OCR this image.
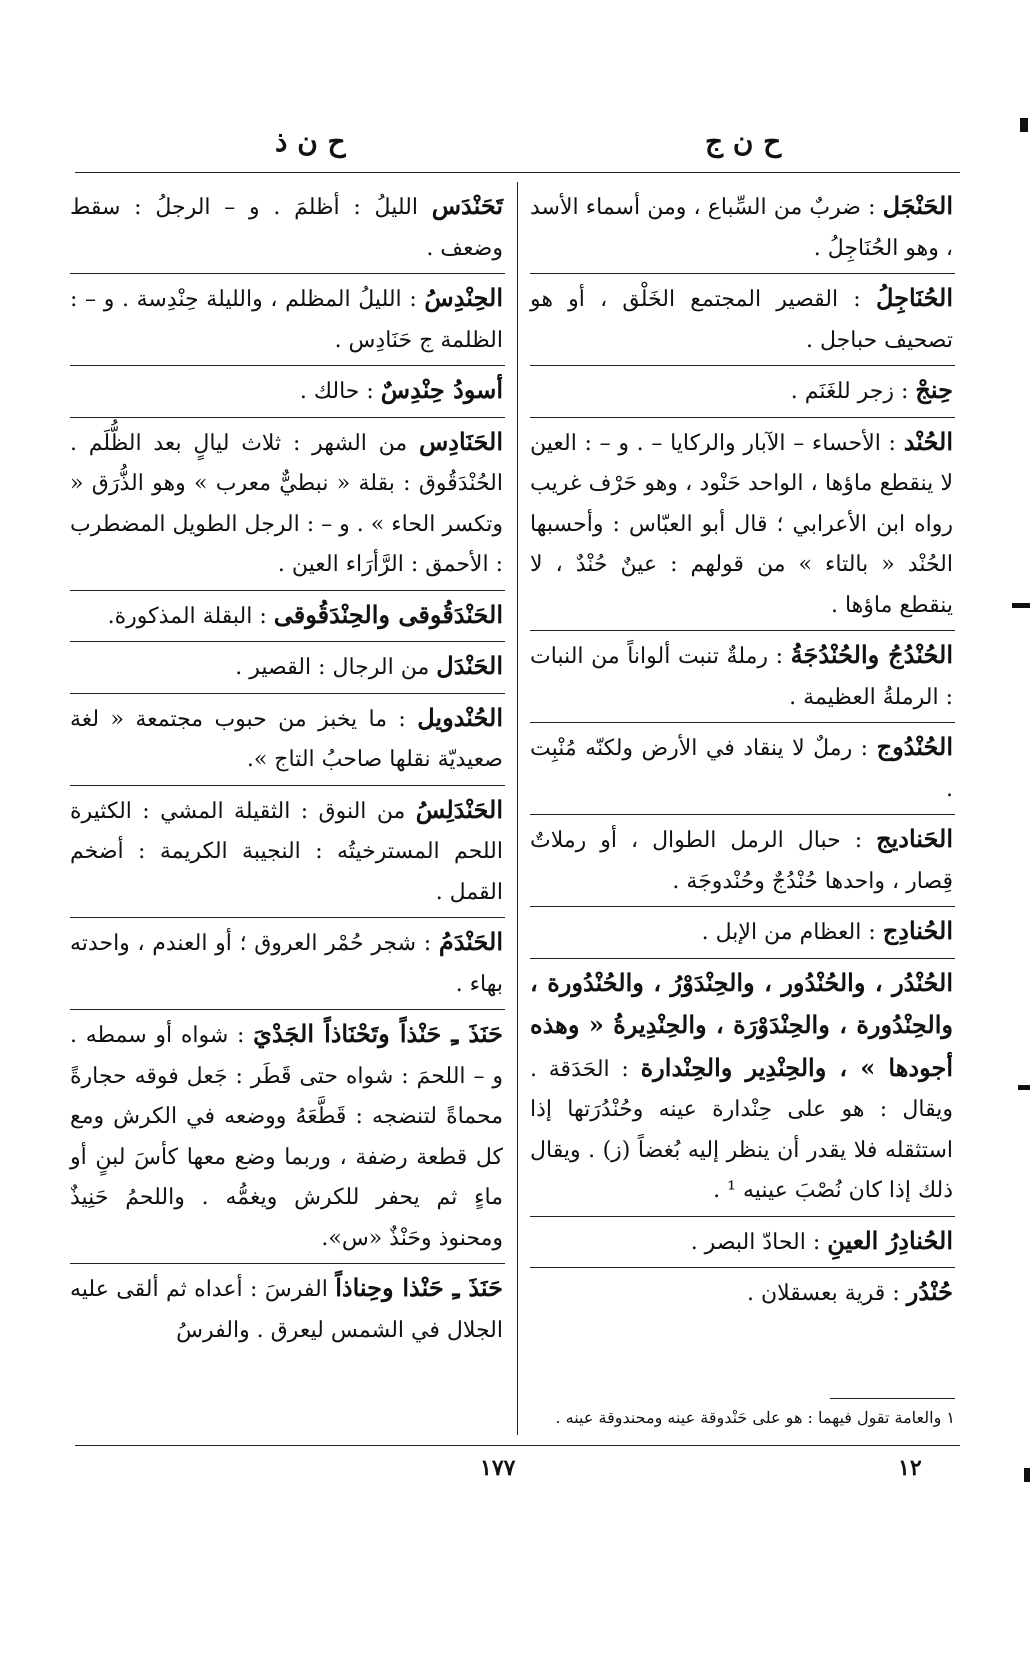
ح ن ج
ح ن ذ

الحَنْجَل : ضربٌ من السِّباع ، ومن أسماء الأسد ، وهو الحُنَاجِلُ .

الحُنَاجِلُ : القصير المجتمع الخَلْق ، أو هو تصحيف حباجل .

حِنجْ : زجر للغَنَم .

الحُنْد : الأحساء – الآبار والركايا – . و – : العين لا ينقطع ماؤها ، الواحد حَنْود ، وهو حَرْف غريب رواه ابن الأعرابي ؛ قال أبو العبّاس : وأحسبها الحُنْد « بالتاء » من قولهم : عينٌ حُنْدٌ ، لا ينقطع ماؤها .

الحُنْدُجُ والحُنْدُجَةُ : رملةٌ تنبت ألواناً من النبات : الرملةُ العظيمة .

الحُنْدُوج : رملٌ لا ينقاد في الأرض ولكنّه مُنْبِت .

الحَناديج : حبال الرمل الطوال ، أو رملاتٌ قِصار ، واحدها حُنْدُجٌ وحُنْدوجَة .

الحُنادِج : العظام من الإبل .

الحُنْدُر ، والحُنْدُور ، والحِنْدَوْرُ ، والحُنْدُورة ، والحِنْدُورة ، والحِنْدَوْرَة ، والحِنْدِيرةُ « وهذه أجودها » ، والحِنْدِير والحِنْدارة : الحَدَقة . ويقال : هو على حِنْدارة عينه وحُنْدُرَتها إذا استثقله فلا يقدر أن ينظر إليه بُغضاً (ز) . ويقال ذلك إذا كان نُصْبَ عينيه ¹ .

الحُنادِرُ العينِ : الحادّ البصر .

حُنْدُر : قرية بعسقلان .

تَحَنْدَس الليلُ : أظلمَ . و – الرجلُ : سقط وضعف .

الحِنْدِسُ : الليلُ المظلم ، والليلة حِنْدِسة . و – : الظلمة ج حَنَادِس .

أسودُ حِنْدِسٌ : حالك .

الحَنَادِس من الشهر : ثلاث ليالٍ بعد الظُّلَم . الحُنْدَقُوق : بقلة « نبطيٌّ معرب » وهو الذُّرَق « وتكسر الحاء » . و – : الرجل الطويل المضطرب : الأحمق : الرَّأرَاء العين .

الحَنْدَقُوقى والحِنْدَقُوقى : البقلة المذكورة.

الحَنْدَل من الرجال : القصير .

الحُنْدويل : ما يخبز من حبوب مجتمعة « لغة صعيديّة نقلها صاحبُ التاج ».

الحَنْدَلِسُ من النوق : الثقيلة المشي : الكثيرة اللحم المسترخيتُه : النجيبة الكريمة : أضخم القمل .

الحَنْدَمُ : شجر حُمْر العروق ؛ أو العندم ، واحدته بهاء .

حَنَذَ ـِ حَنْذاً وتَحْنَاذاً الجَدْيَ : شواه أو سمطه . و – اللحمَ : شواه حتى قَطَر : جَعل فوقه حجارةً محماةً لتنضجه : قَطَّعَهُ ووضعه في الكرش ومع كل قطعة رضفة ، وربما وضع معها كأسَ لبنٍ أو ماءٍ ثم يحفر للكرش ويغمُّه . واللحمُ حَنِيذٌ ومحنوذ وحَنْذٌ «س».

حَنَذَ ـِ حَنْذا وحِناذاً الفرسَ : أعداه ثم ألقى عليه الجلال في الشمس ليعرق . والفرسُ

١ والعامة تقول فيهما : هو على حَنْدوقة عينه ومحندوقة عينه .
١٧٧	١٢
